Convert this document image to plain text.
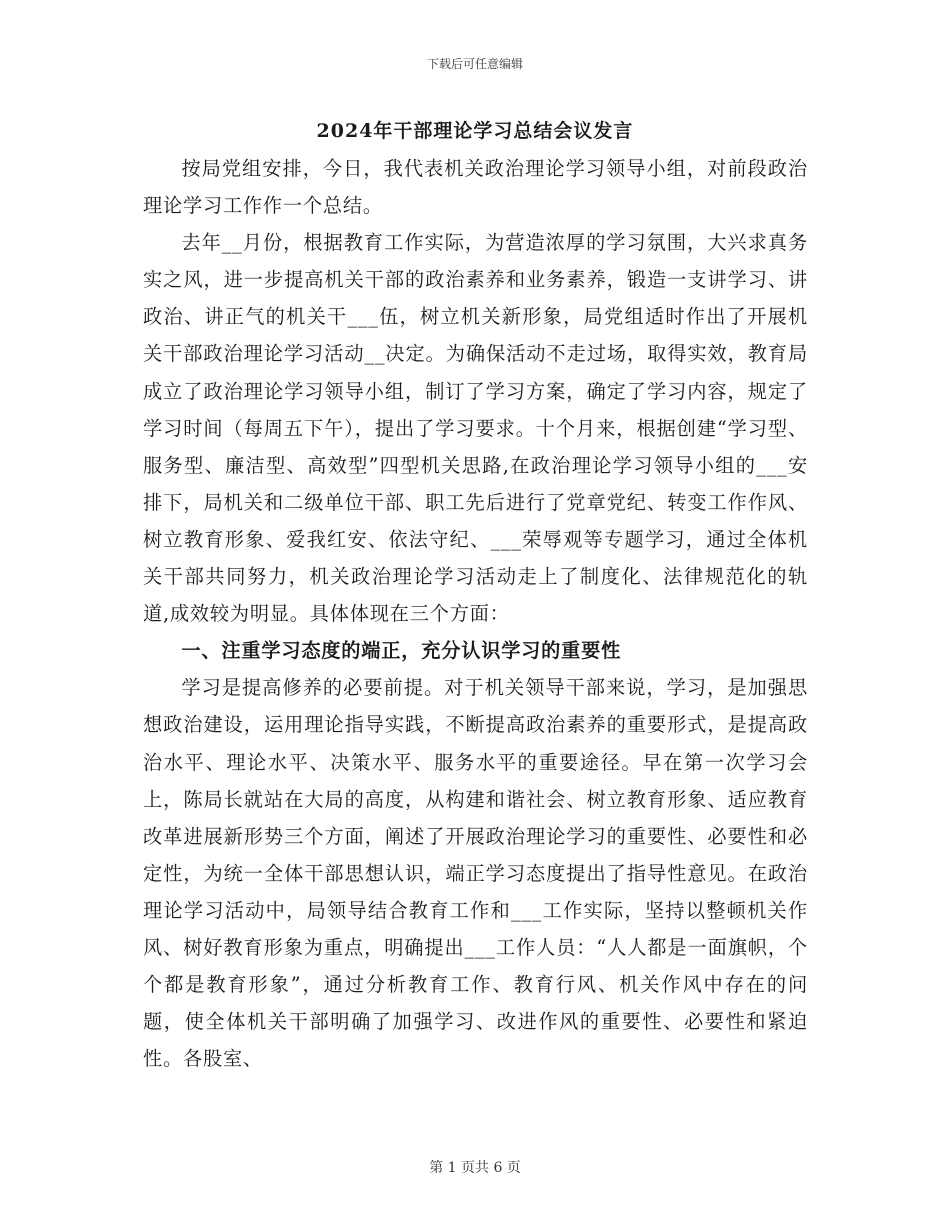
下载后可任意编辑
2024年干部理论学习总结会议发言

按局党组安排，今日，我代表机关政治理论学习领导小组，对前段政治理论学习工作作一个总结。

去年__月份，根据教育工作实际，为营造浓厚的学习氛围，大兴求真务实之风，进一步提高机关干部的政治素养和业务素养，锻造一支讲学习、讲政治、讲正气的机关干___伍，树立机关新形象，局党组适时作出了开展机关干部政治理论学习活动__决定。为确保活动不走过场，取得实效，教育局成立了政治理论学习领导小组，制订了学习方案，确定了学习内容，规定了学习时间（每周五下午），提出了学习要求。十个月来，根据创建“学习型、服务型、廉洁型、高效型”四型机关思路,在政治理论学习领导小组的___安排下，局机关和二级单位干部、职工先后进行了党章党纪、转变工作作风、树立教育形象、爱我红安、依法守纪、___荣辱观等专题学习，通过全体机关干部共同努力，机关政治理论学习活动走上了制度化、法律规范化的轨道,成效较为明显。具体体现在三个方面：

一、注重学习态度的端正，充分认识学习的重要性

学习是提高修养的必要前提。对于机关领导干部来说，学习，是加强思想政治建设，运用理论指导实践，不断提高政治素养的重要形式，是提高政治水平、理论水平、决策水平、服务水平的重要途径。早在第一次学习会上，陈局长就站在大局的高度，从构建和谐社会、树立教育形象、适应教育改革进展新形势三个方面，阐述了开展政治理论学习的重要性、必要性和必定性，为统一全体干部思想认识，端正学习态度提出了指导性意见。在政治理论学习活动中，局领导结合教育工作和___工作实际，坚持以整顿机关作风、树好教育形象为重点，明确提出___工作人员：“人人都是一面旗帜，个个都是教育形象”，通过分析教育工作、教育行风、机关作风中存在的问题，使全体机关干部明确了加强学习、改进作风的重要性、必要性和紧迫性。各股室、

第 1 页共 6 页
